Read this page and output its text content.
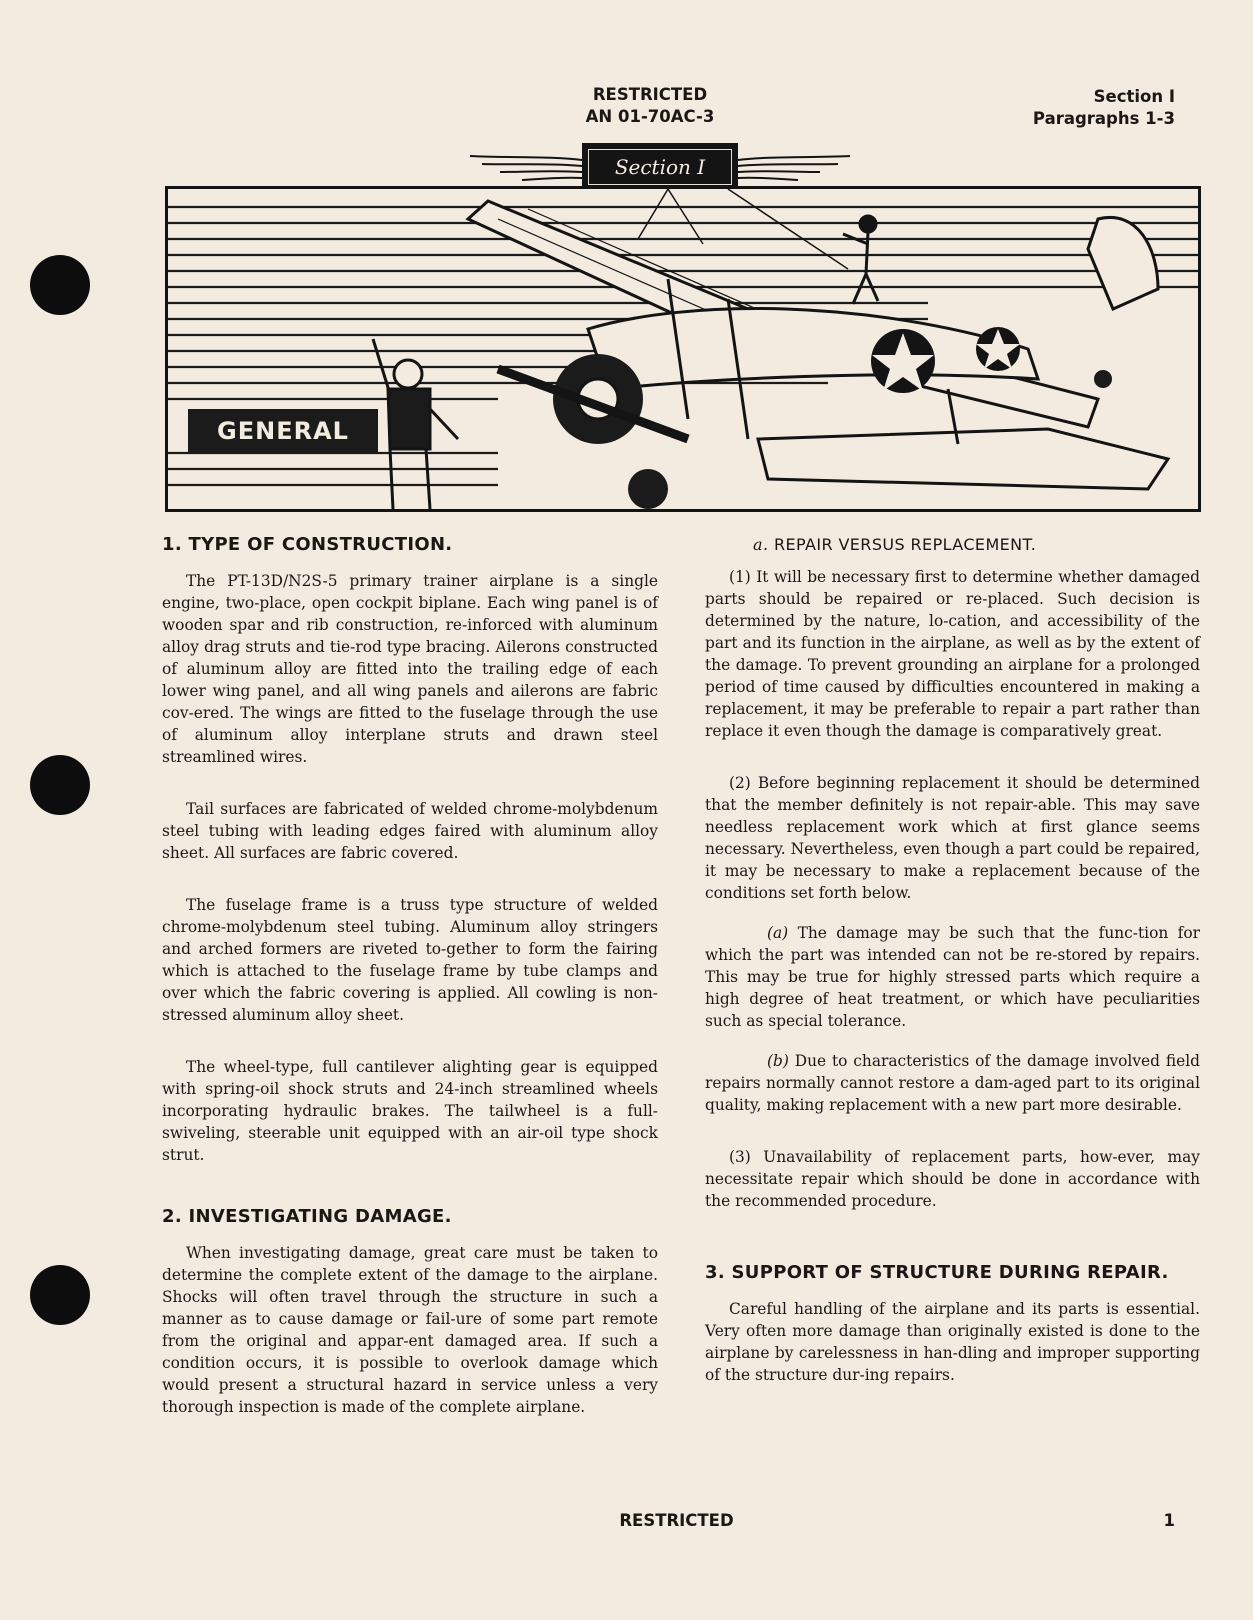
RESTRICTED
AN 01-70AC-3
Section I
Paragraphs 1-3
Section I
GENERAL
1. TYPE OF CONSTRUCTION.

The PT-13D/N2S-5 primary trainer airplane is a single engine, two-place, open cockpit biplane. Each wing panel is of wooden spar and rib construction, re-inforced with aluminum alloy drag struts and tie-rod type bracing. Ailerons constructed of aluminum alloy are fitted into the trailing edge of each lower wing panel, and all wing panels and ailerons are fabric cov-ered. The wings are fitted to the fuselage through the use of aluminum alloy interplane struts and drawn steel streamlined wires.

Tail surfaces are fabricated of welded chrome-molybdenum steel tubing with leading edges faired with aluminum alloy sheet. All surfaces are fabric covered.

The fuselage frame is a truss type structure of welded chrome-molybdenum steel tubing. Aluminum alloy stringers and arched formers are riveted to-gether to form the fairing which is attached to the fuselage frame by tube clamps and over which the fabric covering is applied. All cowling is non-stressed aluminum alloy sheet.

The wheel-type, full cantilever alighting gear is equipped with spring-oil shock struts and 24-inch streamlined wheels incorporating hydraulic brakes. The tailwheel is a full-swiveling, steerable unit equipped with an air-oil type shock strut.

2. INVESTIGATING DAMAGE.

When investigating damage, great care must be taken to determine the complete extent of the damage to the airplane. Shocks will often travel through the structure in such a manner as to cause damage or fail-ure of some part remote from the original and appar-ent damaged area. If such a condition occurs, it is possible to overlook damage which would present a structural hazard in service unless a very thorough inspection is made of the complete airplane.

a. REPAIR VERSUS REPLACEMENT.

(1) It will be necessary first to determine whether damaged parts should be repaired or re-placed. Such decision is determined by the nature, lo-cation, and accessibility of the part and its function in the airplane, as well as by the extent of the damage. To prevent grounding an airplane for a prolonged period of time caused by difficulties encountered in making a replacement, it may be preferable to repair a part rather than replace it even though the damage is comparatively great.

(2) Before beginning replacement it should be determined that the member definitely is not repair-able. This may save needless replacement work which at first glance seems necessary. Nevertheless, even though a part could be repaired, it may be necessary to make a replacement because of the conditions set forth below.

(a) The damage may be such that the func-tion for which the part was intended can not be re-stored by repairs. This may be true for highly stressed parts which require a high degree of heat treatment, or which have peculiarities such as special tolerance.

(b) Due to characteristics of the damage involved field repairs normally cannot restore a dam-aged part to its original quality, making replacement with a new part more desirable.

(3) Unavailability of replacement parts, how-ever, may necessitate repair which should be done in accordance with the recommended procedure.

3. SUPPORT OF STRUCTURE DURING REPAIR.

Careful handling of the airplane and its parts is essential. Very often more damage than originally existed is done to the airplane by carelessness in han-dling and improper supporting of the structure dur-ing repairs.

RESTRICTED	1
